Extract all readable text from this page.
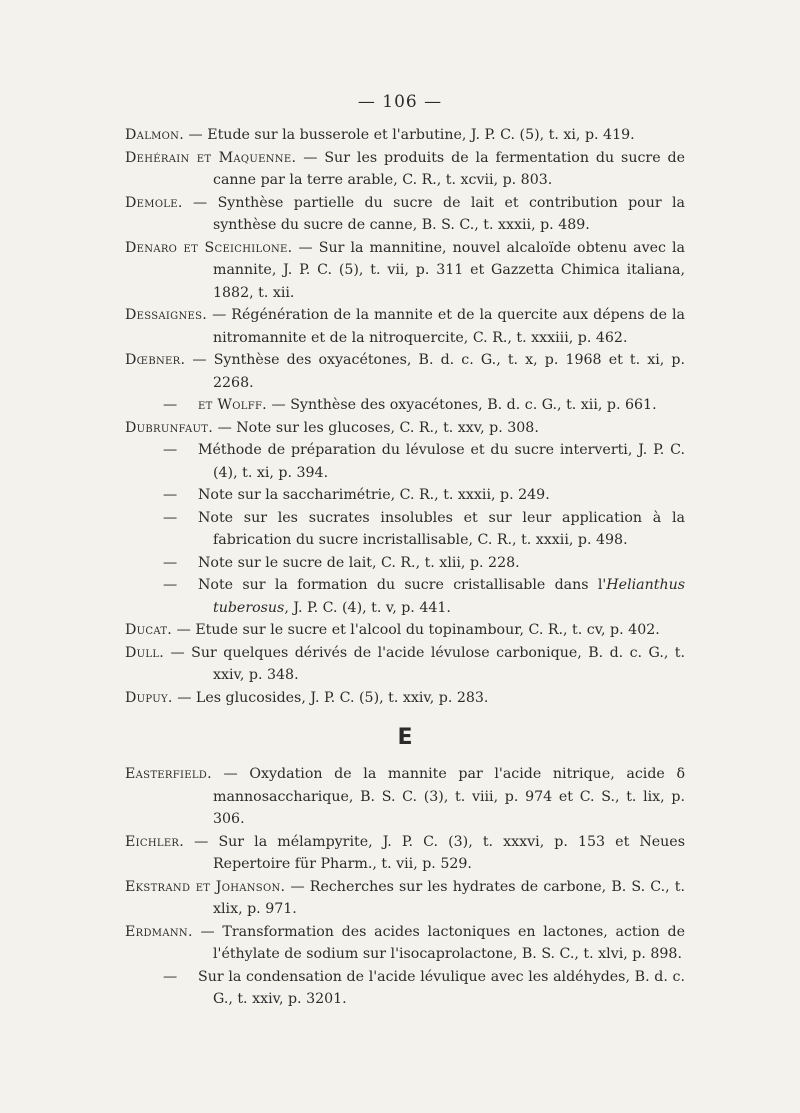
— 106 —
Dalmon. — Etude sur la busserole et l'arbutine, J. P. C. (5), t. xi, p. 419.
Dehérain et Maquenne. — Sur les produits de la fermentation du sucre de canne par la terre arable, C. R., t. xcvii, p. 803.
Demole. — Synthèse partielle du sucre de lait et contribution pour la synthèse du sucre de canne, B. S. C., t. xxxii, p. 489.
Denaro et Sceichilone. — Sur la mannitine, nouvel alcaloïde obtenu avec la mannite, J. P. C. (5), t. vii, p. 311 et Gazzetta Chimica italiana, 1882, t. xii.
Dessaignes. — Régénération de la mannite et de la quercite aux dépens de la nitromannite et de la nitroquercite, C. R., t. xxxiii, p. 462.
Dœbner. — Synthèse des oxyacétones, B. d. c. G., t. x, p. 1968 et t. xi, p. 2268.
— et Wolff. — Synthèse des oxyacétones, B. d. c. G., t. xii, p. 661.
Dubrunfaut. — Note sur les glucoses, C. R., t. xxv, p. 308.
— Méthode de préparation du lévulose et du sucre interverti, J. P. C. (4), t. xi, p. 394.
— Note sur la saccharimétrie, C. R., t. xxxii, p. 249.
— Note sur les sucrates insolubles et sur leur application à la fabrication du sucre incristallisable, C. R., t. xxxii, p. 498.
— Note sur le sucre de lait, C. R., t. xlii, p. 228.
— Note sur la formation du sucre cristallisable dans l'Helianthus tuberosus, J. P. C. (4), t. v, p. 441.
Ducat. — Etude sur le sucre et l'alcool du topinambour, C. R., t. cv, p. 402.
Dull. — Sur quelques dérivés de l'acide lévulose carbonique, B. d. c. G., t. xxiv, p. 348.
Dupuy. — Les glucosides, J. P. C. (5), t. xxiv, p. 283.
E
Easterfield. — Oxydation de la mannite par l'acide nitrique, acide δ mannosaccharique, B. S. C. (3), t. viii, p. 974 et C. S., t. lix, p. 306.
Eichler. — Sur la mélampyrite, J. P. C. (3), t. xxxvi, p. 153 et Neues Repertoire für Pharm., t. vii, p. 529.
Ekstrand et Johanson. — Recherches sur les hydrates de carbone, B. S. C., t. xlix, p. 971.
Erdmann. — Transformation des acides lactoniques en lactones, action de l'éthylate de sodium sur l'isocaprolactone, B. S. C., t. xlvi, p. 898.
— Sur la condensation de l'acide lévulique avec les aldéhydes, B. d. c. G., t. xxiv, p. 3201.
